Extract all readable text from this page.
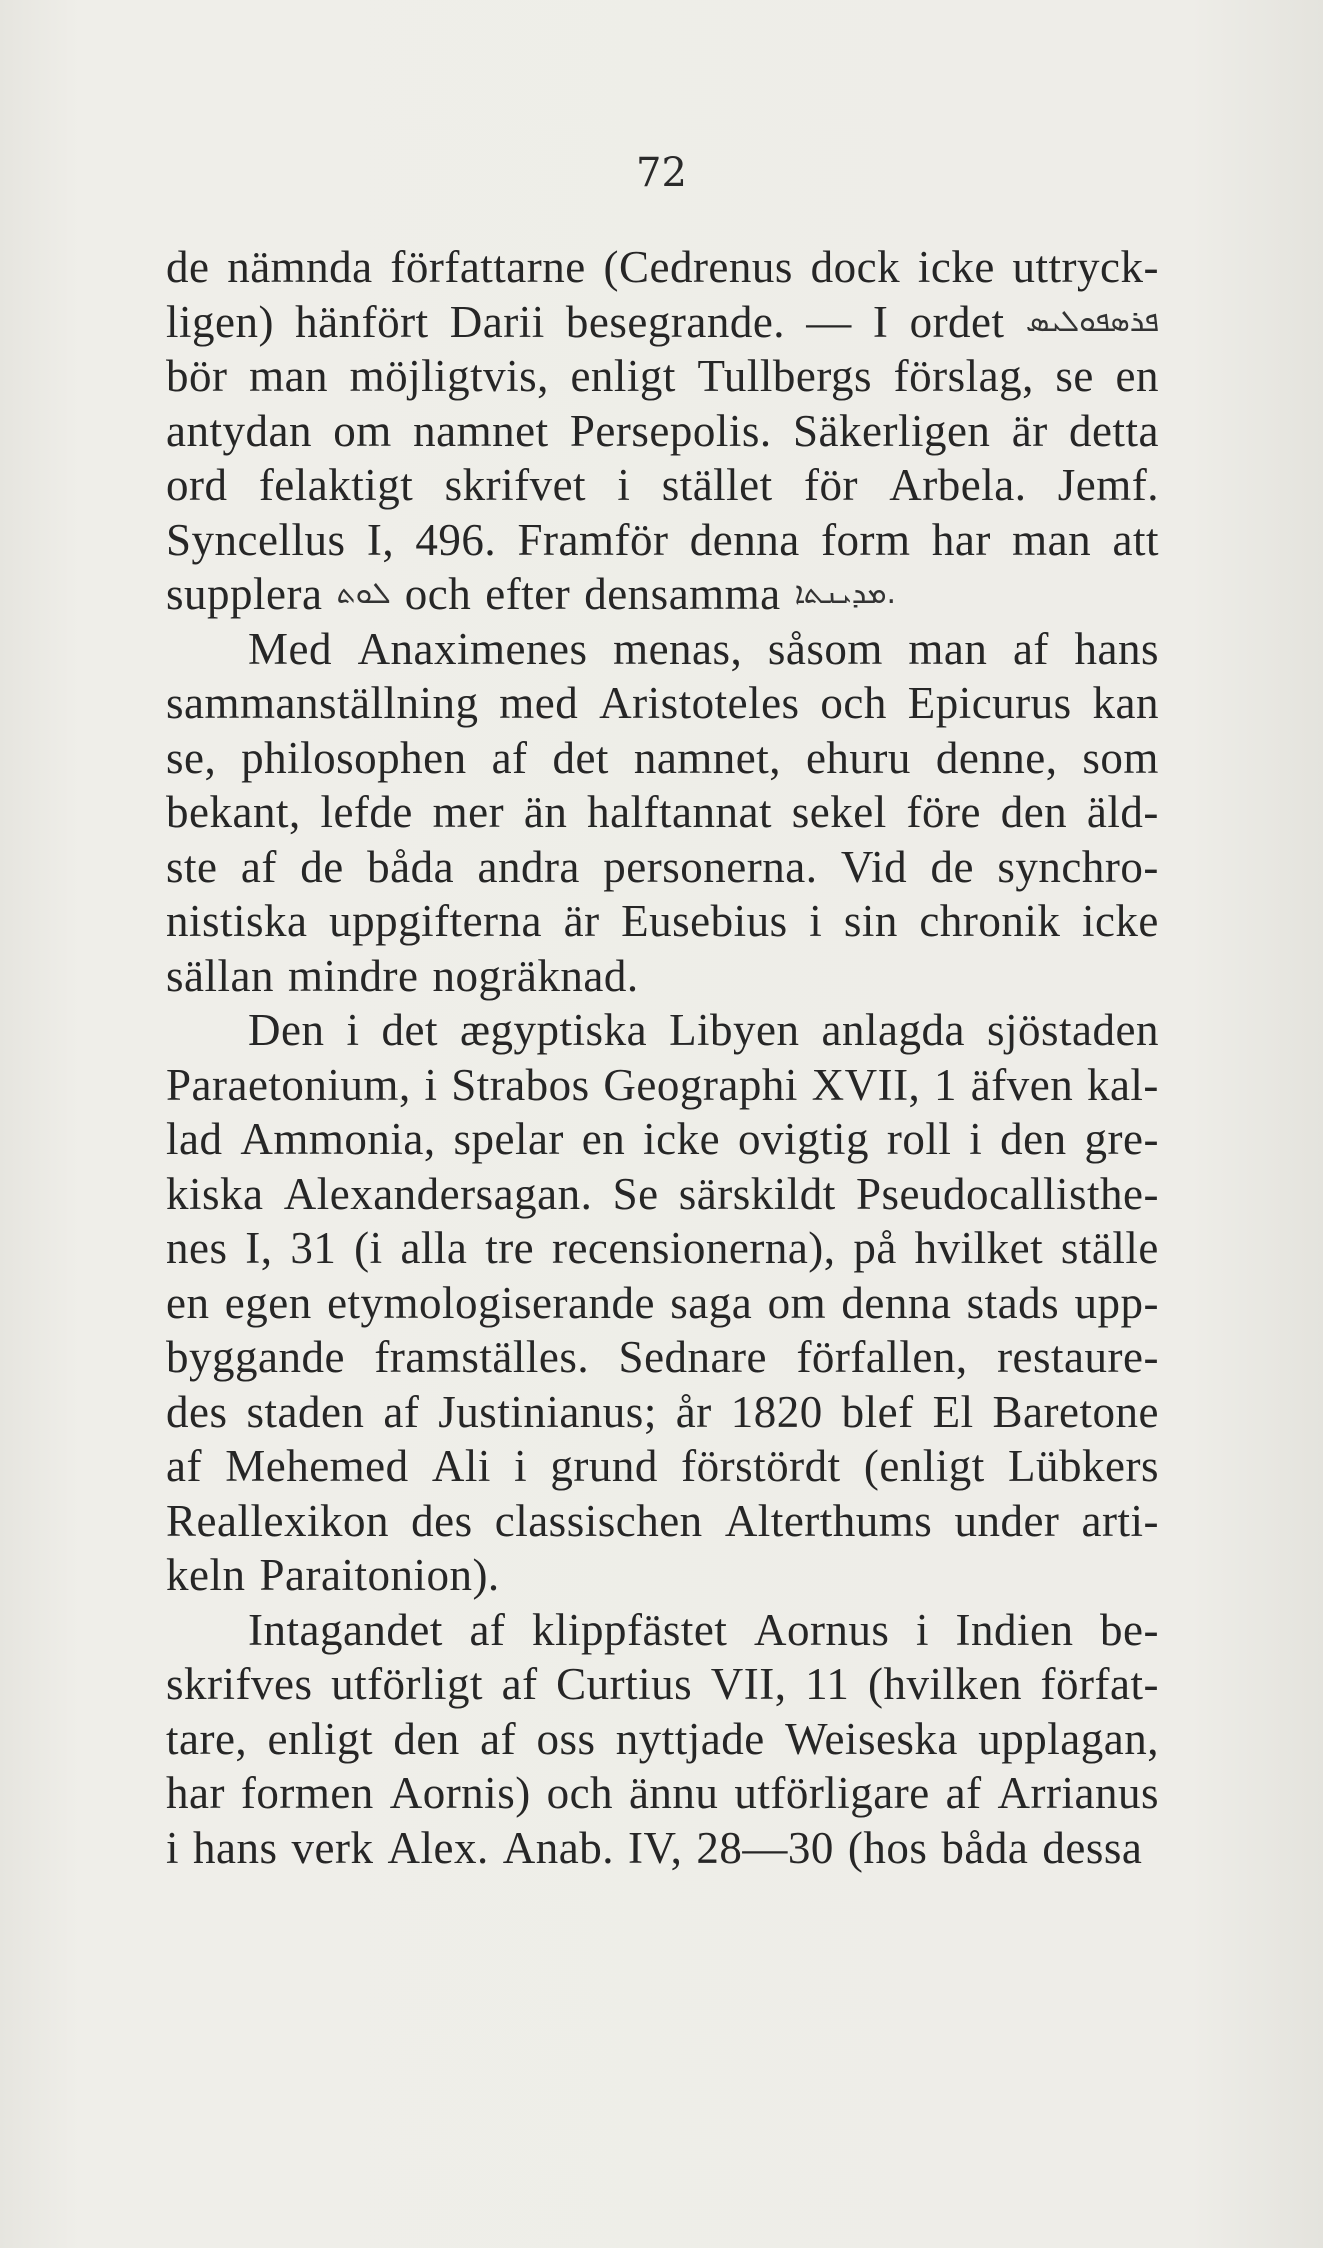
72
de nämnda författarne (Cedrenus dock icke uttryck-
ligen) hänfört Darii besegrande. — I ordet ܦܪܣܦܘܠܝܣ
bör man möjligtvis, enligt Tullbergs förslag, se en
antydan om namnet Persepolis. Säkerligen är detta
ord felaktigt skrifvet i stället för Arbela. Jemf.
Syncellus I, 496. Framför denna form har man att
supplera ܠܘܬ och efter densamma ܡܕܝܢܬܐ.
Med Anaximenes menas, såsom man af hans
sammanställning med Aristoteles och Epicurus kan
se, philosophen af det namnet, ehuru denne, som
bekant, lefde mer än halftannat sekel före den äld-
ste af de båda andra personerna. Vid de synchro-
nistiska uppgifterna är Eusebius i sin chronik icke
sällan mindre nogräknad.
Den i det ægyptiska Libyen anlagda sjöstaden
Paraetonium, i Strabos Geographi XVII, 1 äfven kal-
lad Ammonia, spelar en icke ovigtig roll i den gre-
kiska Alexandersagan. Se särskildt Pseudocallisthe-
nes I, 31 (i alla tre recensionerna), på hvilket ställe
en egen etymologiserande saga om denna stads upp-
byggande framställes. Sednare förfallen, restaure-
des staden af Justinianus; år 1820 blef El Baretone
af Mehemed Ali i grund förstördt (enligt Lübkers
Reallexikon des classischen Alterthums under arti-
keln Paraitonion).
Intagandet af klippfästet Aornus i Indien be-
skrifves utförligt af Curtius VII, 11 (hvilken förfat-
tare, enligt den af oss nyttjade Weiseska upplagan,
har formen Aornis) och ännu utförligare af Arrianus
i hans verk Alex. Anab. IV, 28—30 (hos båda dessa
